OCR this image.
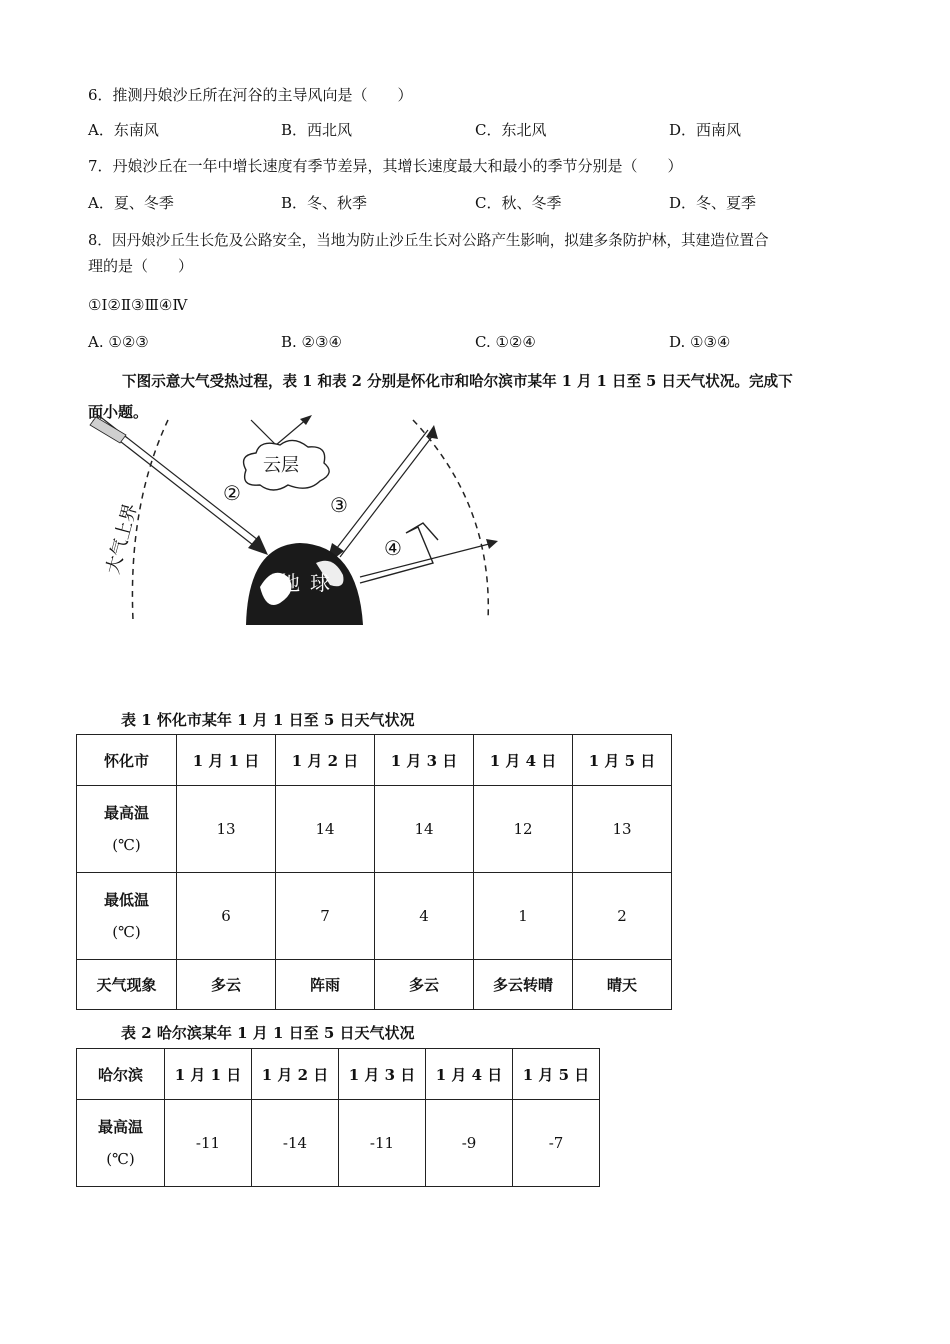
6．推测丹娘沙丘所在河谷的主导风向是（　　）
A．东南风	B．西北风	C．东北风	D．西南风
7．丹娘沙丘在一年中增长速度有季节差异，其增长速度最大和最小的季节分别是（　　）
A．夏、冬季	B．冬、秋季	C．秋、冬季	D．冬、夏季
8．因丹娘沙丘生长危及公路安全，当地为防止沙丘生长对公路产生影响，拟建多条防护林，其建造位置合
理的是（　　）
①Ⅰ②Ⅱ③Ⅲ④Ⅳ
A. ①②③	B. ②③④	C. ①②④	D. ①③④
下图示意大气受热过程，表 1 和表 2 分别是怀化市和哈尔滨市某年 1 月 1 日至 5 日天气状况。完成下
面小题。
大气上界
云层
②	③
④
地球
表 1 怀化市某年 1 月 1 日至 5 日天气状况
怀化市	1 月 1 日	1 月 2 日	1 月 3 日	1 月 4 日	1 月 5 日

最高温
(℃)	13	14	14	12	13

最低温
(℃)	6	7	4	1	2
天气现象	多云	阵雨	多云	多云转晴	晴天
表 2 哈尔滨某年 1 月 1 日至 5 日天气状况
哈尔滨	1 月 1 日	1 月 2 日	1 月 3 日	1 月 4 日	1 月 5 日

最高温
(℃)	-11	-14	-11	-9	-7
